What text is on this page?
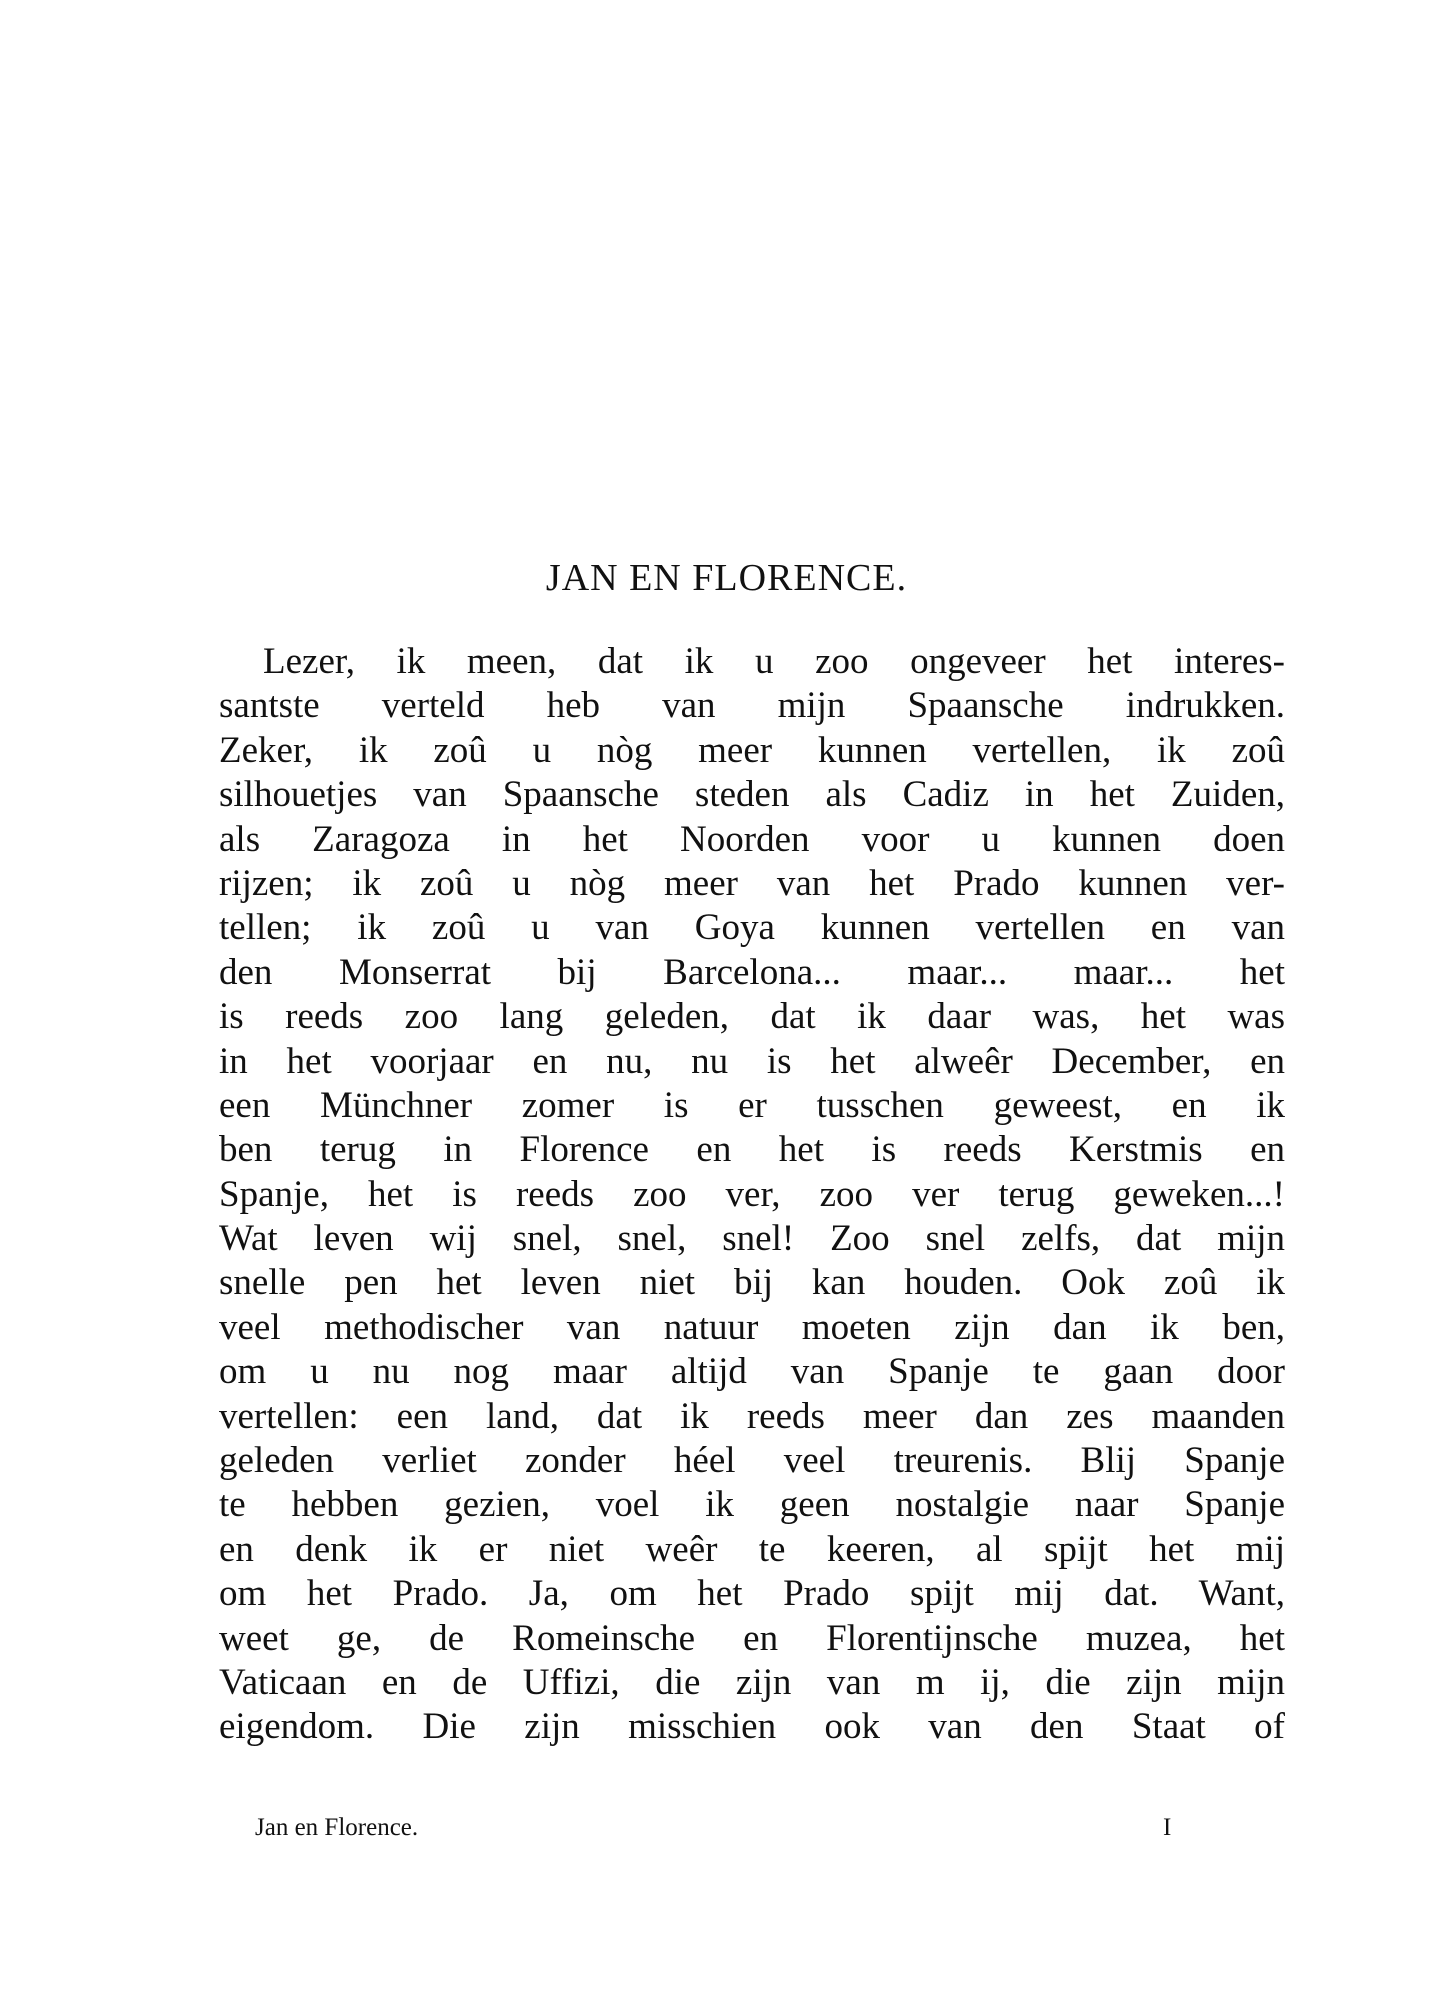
JAN EN FLORENCE.
Lezer, ik meen, dat ik u zoo ongeveer het interes-
santste verteld heb van mijn Spaansche indrukken.
Zeker, ik zoû u nòg meer kunnen vertellen, ik zoû
silhouetjes van Spaansche steden als Cadiz in het Zuiden,
als Zaragoza in het Noorden voor u kunnen doen
rijzen; ik zoû u nòg meer van het Prado kunnen ver-
tellen; ik zoû u van Goya kunnen vertellen en van
den Monserrat bij Barcelona... maar... maar... het
is reeds zoo lang geleden, dat ik daar was, het was
in het voorjaar en nu, nu is het alweêr December, en
een Münchner zomer is er tusschen geweest, en ik
ben terug in Florence en het is reeds Kerstmis en
Spanje, het is reeds zoo ver, zoo ver terug geweken...!
Wat leven wij snel, snel, snel! Zoo snel zelfs, dat mijn
snelle pen het leven niet bij kan houden. Ook zoû ik
veel methodischer van natuur moeten zijn dan ik ben,
om u nu nog maar altijd van Spanje te gaan door
vertellen: een land, dat ik reeds meer dan zes maanden
geleden verliet zonder héel veel treurenis. Blij Spanje
te hebben gezien, voel ik geen nostalgie naar Spanje
en denk ik er niet weêr te keeren, al spijt het mij
om het Prado. Ja, om het Prado spijt mij dat. Want,
weet ge, de Romeinsche en Florentijnsche muzea, het
Vaticaan en de Uffizi, die zijn van m ij, die zijn mijn
eigendom. Die zijn misschien ook van den Staat of
Jan en Florence.	I
